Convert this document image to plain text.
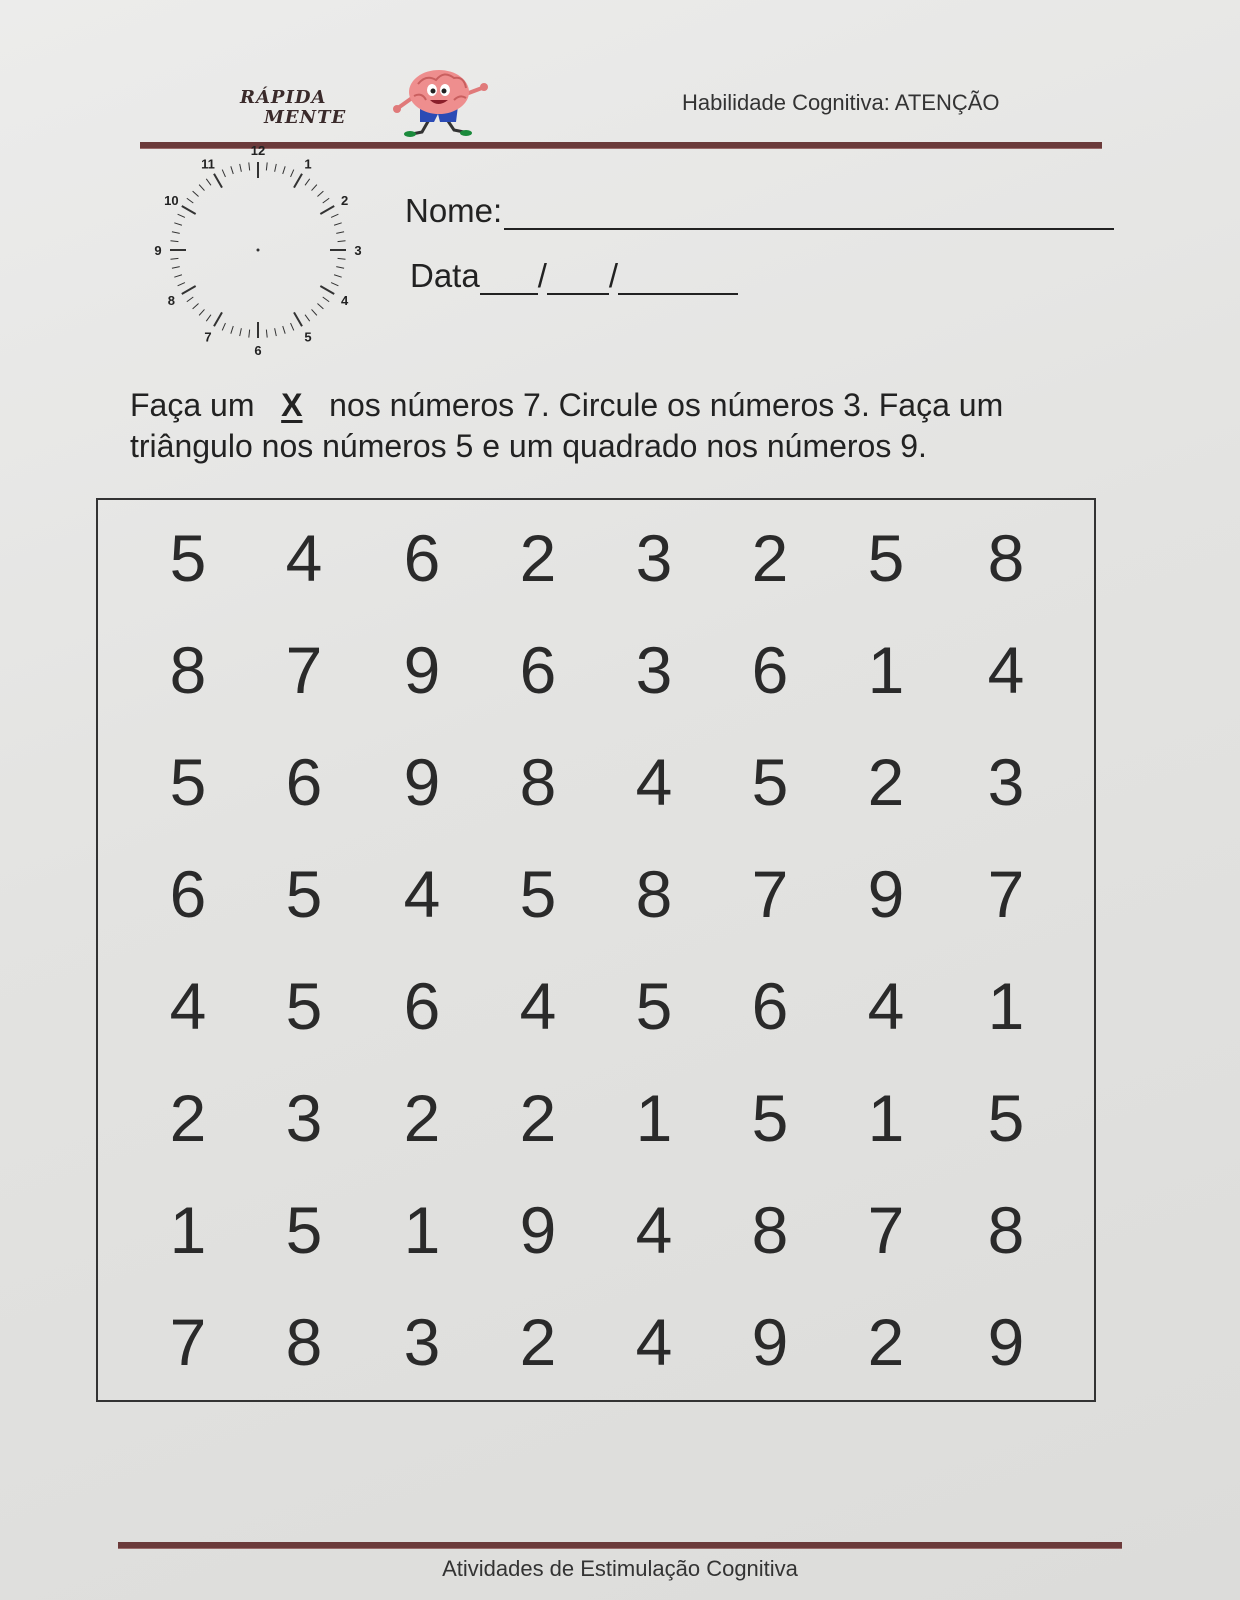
RÁPIDA
MENTE
Habilidade Cognitiva: ATENÇÃO
12
1
2
3
4
5
6
7
8
9
10
11
Nome:
Data / /
Faça um X nos números 7. Circule os números 3. Faça um triângulo nos números 5 e um quadrado nos números 9.
5	4	6	2	3	2	5	8
8	7	9	6	3	6	1	4
5	6	9	8	4	5	2	3
6	5	4	5	8	7	9	7
4	5	6	4	5	6	4	1
2	3	2	2	1	5	1	5
1	5	1	9	4	8	7	8
7	8	3	2	4	9	2	9
Atividades de Estimulação Cognitiva
